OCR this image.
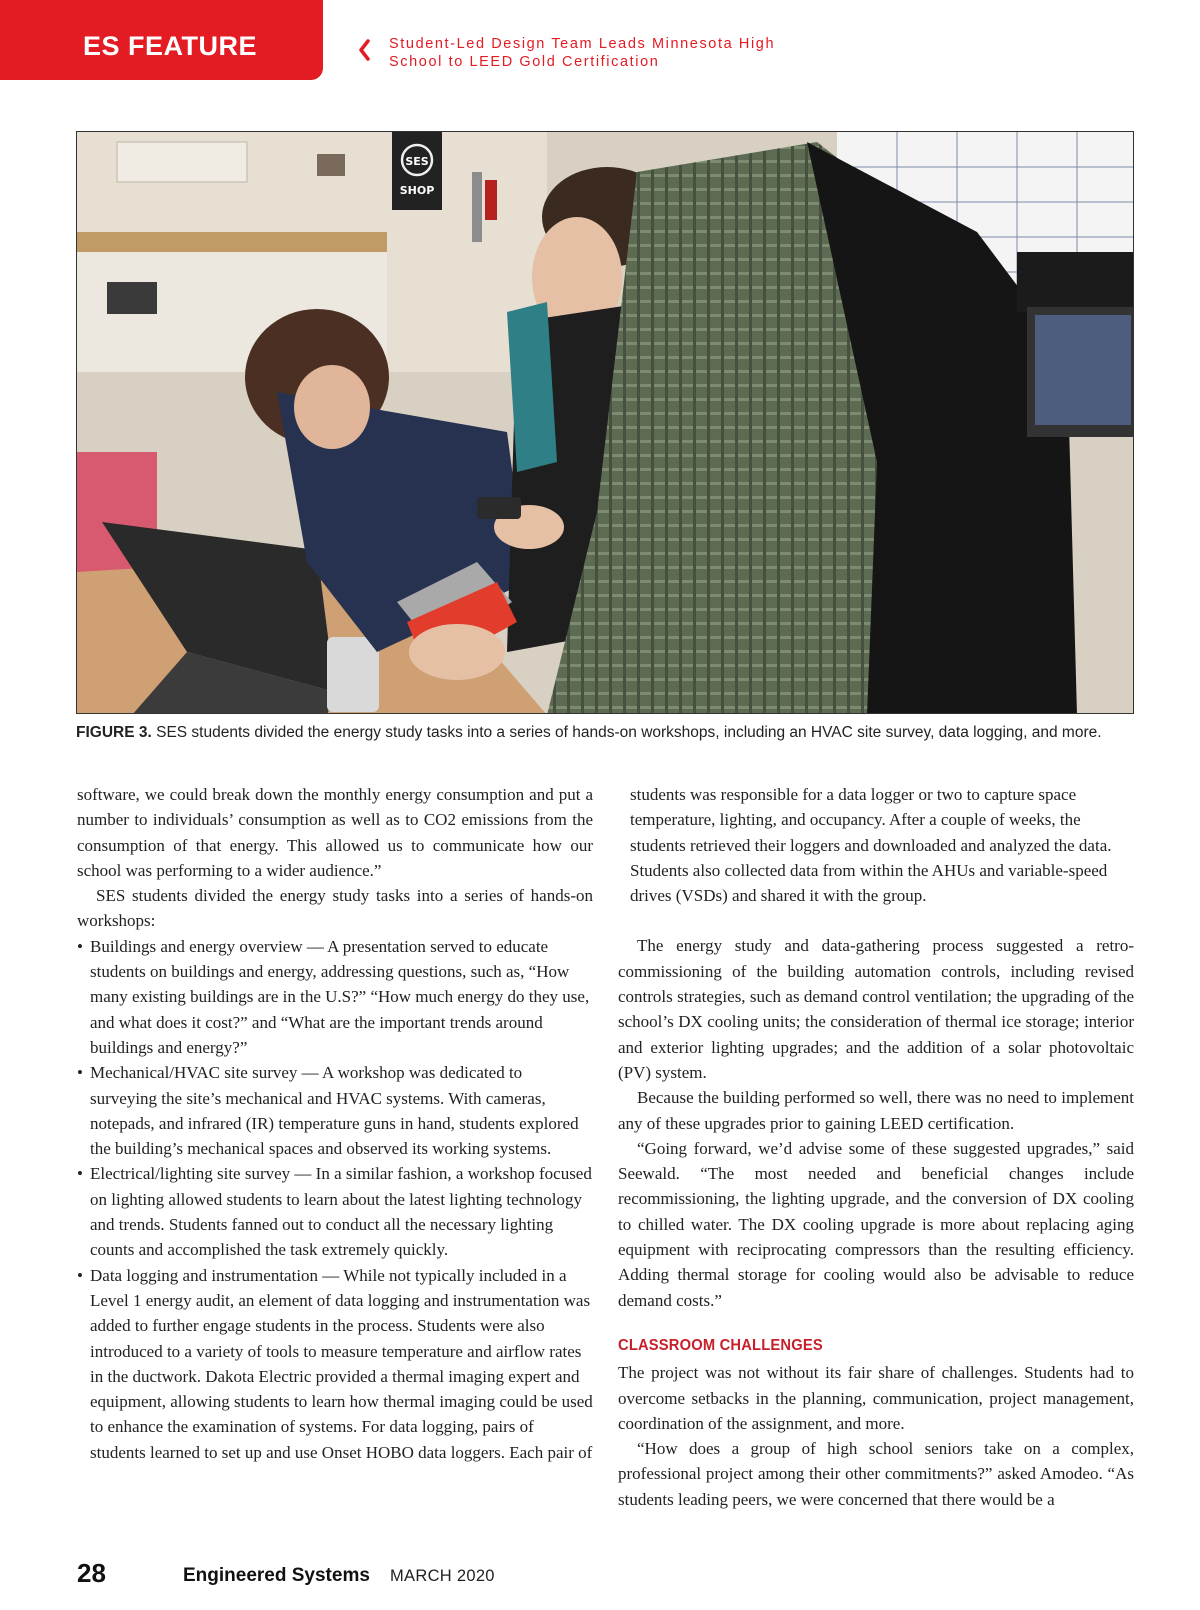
ES FEATURE	Student-Led Design Team Leads Minnesota High School to LEED Gold Certification
SES
SHOP
FIGURE 3. SES students divided the energy study tasks into a series of hands-on workshops, including an HVAC site survey, data logging, and more.

software, we could break down the monthly energy consumption and put a number to individuals’ consumption as well as to CO2 emissions from the consumption of that energy. This allowed us to communicate how our school was performing to a wider audience.”

SES students divided the energy study tasks into a series of hands-on workshops:

• Buildings and energy overview — A presentation served to educate students on buildings and energy, addressing questions, such as, “How many existing buildings are in the U.S?” “How much energy do they use, and what does it cost?” and “What are the important trends around buildings and energy?”
• Mechanical/HVAC site survey — A workshop was dedicated to surveying the site’s mechanical and HVAC systems. With cameras, notepads, and infrared (IR) temperature guns in hand, students explored the building’s mechanical spaces and observed its working systems.
• Electrical/lighting site survey — In a similar fashion, a workshop focused on lighting allowed students to learn about the latest lighting technology and trends. Students fanned out to conduct all the necessary lighting counts and accomplished the task extremely quickly.
• Data logging and instrumentation — While not typically included in a Level 1 energy audit, an element of data logging and instrumentation was added to further engage students in the process. Students were also introduced to a variety of tools to measure temperature and airflow rates in the ductwork. Dakota Electric provided a thermal imaging expert and equipment, allowing students to learn how thermal imaging could be used to enhance the examination of systems. For data logging, pairs of students learned to set up and use Onset HOBO data loggers. Each pair of

students was responsible for a data logger or two to capture space temperature, lighting, and occupancy. After a couple of weeks, the students retrieved their loggers and downloaded and analyzed the data. Students also collected data from within the AHUs and variable-speed drives (VSDs) and shared it with the group.

The energy study and data-gathering process suggested a retro-commissioning of the building automation controls, including revised controls strategies, such as demand control ventilation; the upgrading of the school’s DX cooling units; the consideration of thermal ice storage; interior and exterior lighting upgrades; and the addition of a solar photovoltaic (PV) system.

Because the building performed so well, there was no need to implement any of these upgrades prior to gaining LEED certification.

“Going forward, we’d advise some of these suggested upgrades,” said Seewald. “The most needed and beneficial changes include recommissioning, the lighting upgrade, and the conversion of DX cooling to chilled water. The DX cooling upgrade is more about replacing aging equipment with reciprocating compressors than the resulting efficiency. Adding thermal storage for cooling would also be advisable to reduce demand costs.”

CLASSROOM CHALLENGES

The project was not without its fair share of challenges. Students had to overcome setbacks in the planning, communication, project management, coordination of the assignment, and more.

“How does a group of high school seniors take on a complex, professional project among their other commitments?” asked Amodeo. “As students leading peers, we were concerned that there would be a

28	Engineered Systems MARCH 2020
